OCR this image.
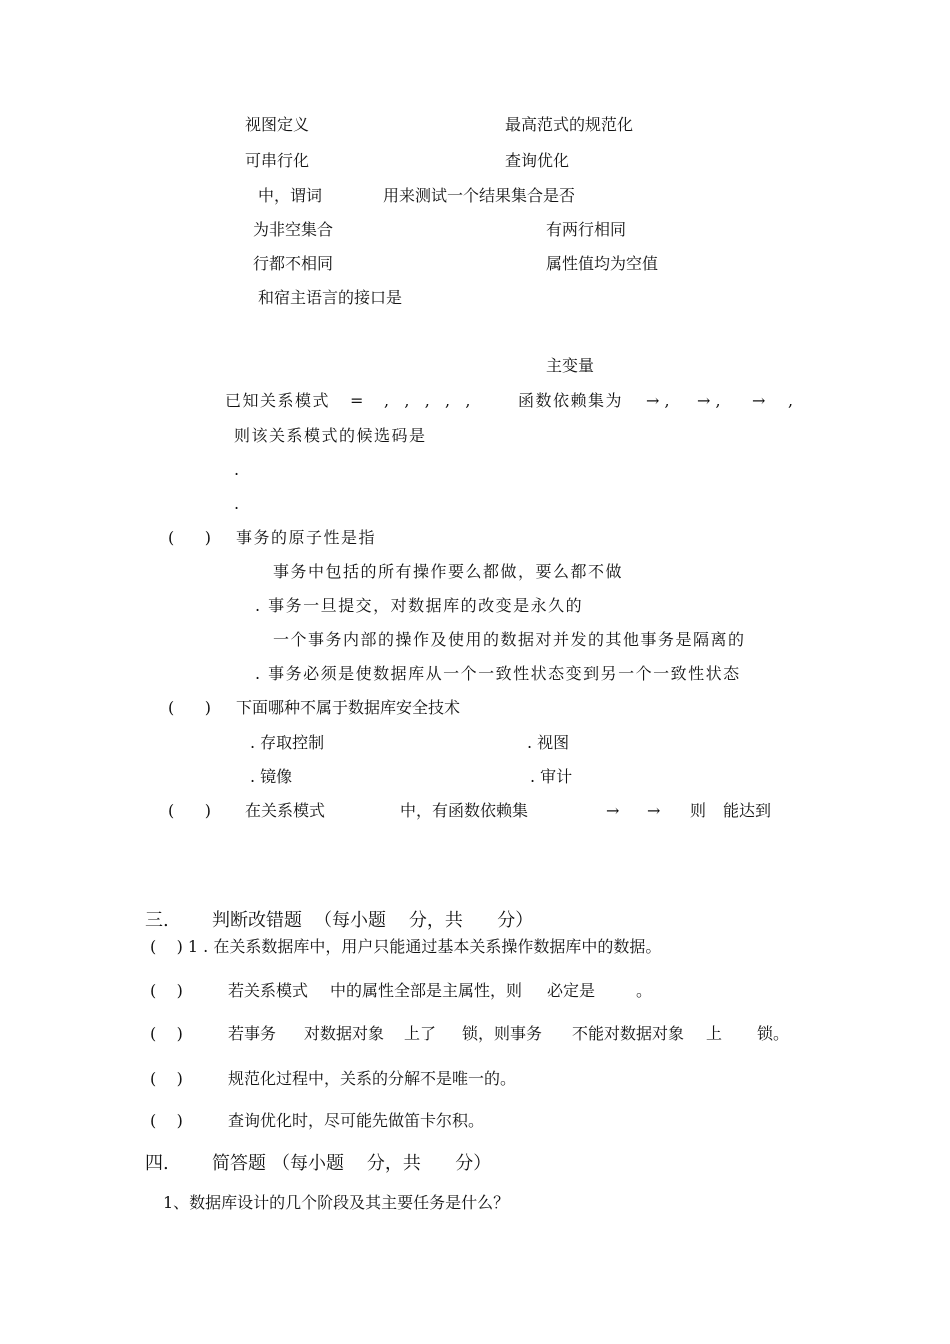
视图定义	最高范式的规范化
可串行化	查询优化
中，谓词	用来测试一个结果集合是否
为非空集合	有两行相同
行都不相同	属性值均为空值
和宿主语言的接口是
主变量
已知关系模式 = ,   ,   ,   ,   ,	函数依赖集为 → , → , → ,
则该关系模式的候选码是
.
.
(      ) 事务的原子性是指
事务中包括的所有操作要么都做，要么都不做
. 事务一旦提交，对数据库的改变是永久的
一个事务内部的操作及使用的数据对并发的其他事务是隔离的
. 事务必须是使数据库从一个一致性状态变到另一个一致性状态
(      ) 下面哪种不属于数据库安全技术
. 存取控制	. 视图
. 镜像	. 审计
(      ) 在关系模式	中，有函数依赖集	→ → 则 能达到
三. 判断改错题 （每小题    分，共      分）
(    ) 1 . 在关系数据库中，用户只能通过基本关系操作数据库中的数据。
(    )	若关系模式 中的属性全部是主属性，则 必定是	。
(    )	若事务 对数据对象 上了 锁，则事务 不能对数据对象 上 锁。
(    )	规范化过程中，关系的分解不是唯一的。
(    )	查询优化时，尽可能先做笛卡尔积。
四. 简答题 （每小题    分，共      分）
1、数据库设计的几个阶段及其主要任务是什么？
